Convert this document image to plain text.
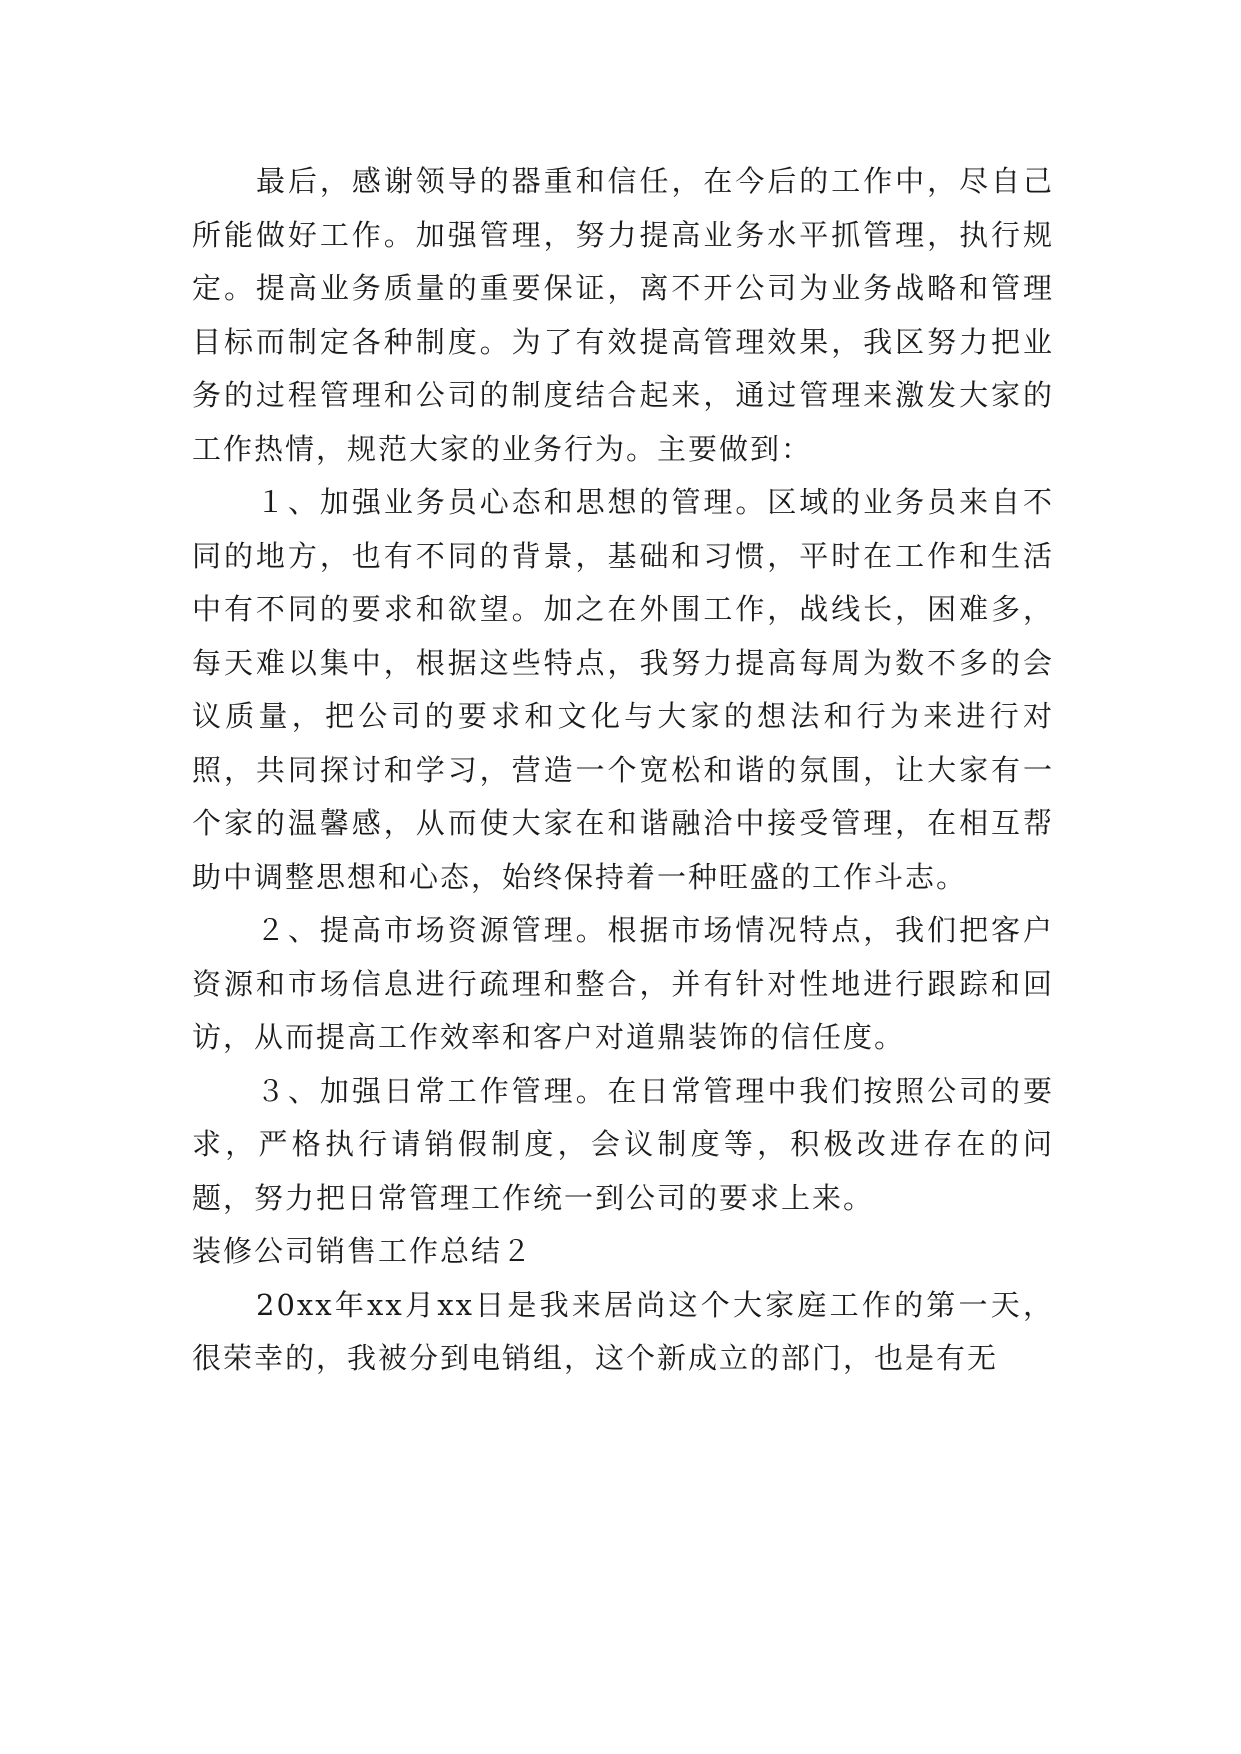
最后，感谢领导的器重和信任，在今后的工作中，尽自己所能做好工作。加强管理，努力提高业务水平抓管理，执行规定。提高业务质量的重要保证，离不开公司为业务战略和管理目标而制定各种制度。为了有效提高管理效果，我区努力把业务的过程管理和公司的制度结合起来，通过管理来激发大家的工作热情，规范大家的业务行为。主要做到：

１、加强业务员心态和思想的管理。区域的业务员来自不同的地方，也有不同的背景，基础和习惯，平时在工作和生活中有不同的要求和欲望。加之在外围工作，战线长，困难多，每天难以集中，根据这些特点，我努力提高每周为数不多的会议质量，把公司的要求和文化与大家的想法和行为来进行对照，共同探讨和学习，营造一个宽松和谐的氛围，让大家有一个家的温馨感，从而使大家在和谐融洽中接受管理，在相互帮助中调整思想和心态，始终保持着一种旺盛的工作斗志。

２、提高市场资源管理。根据市场情况特点，我们把客户资源和市场信息进行疏理和整合，并有针对性地进行跟踪和回访，从而提高工作效率和客户对道鼎装饰的信任度。

３、加强日常工作管理。在日常管理中我们按照公司的要求，严格执行请销假制度，会议制度等，积极改进存在的问题，努力把日常管理工作统一到公司的要求上来。

装修公司销售工作总结２

20xx年xx月xx日是我来居尚这个大家庭工作的第一天，很荣幸的，我被分到电销组，这个新成立的部门，也是有无
